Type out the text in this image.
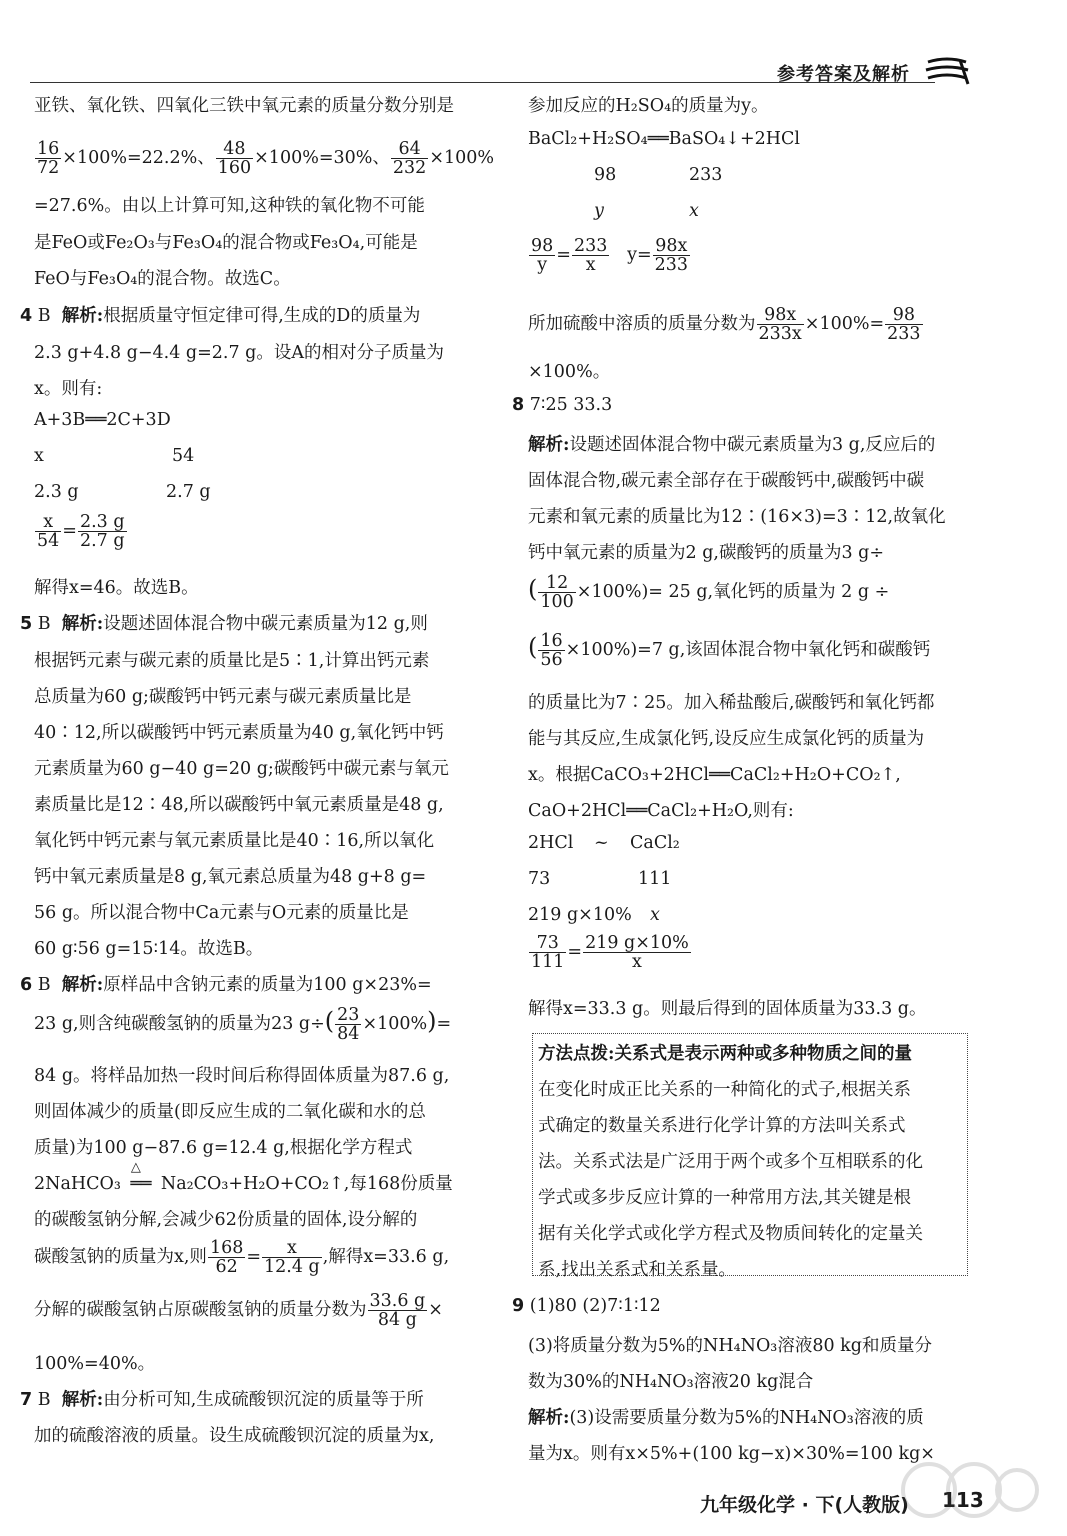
参考答案及解析
亚铁、氧化铁、四氧化三铁中氧元素的质量分数分别是
$\frac{16}{72} \times 100\%=22.2\%$、 $\frac{48}{160} \times 100\%=30\%$、 $\frac{64}{232} \times 100\%$
=27.6%。由以上计算可知,这种铁的氧化物不可能
是FeO或Fe₂O₃与Fe₃O₄的混合物或Fe₃O₄,可能是
FeO与Fe₃O₄的混合物。故选C。
4 B 解析:根据质量守恒定律可得,生成的D的质量为
2.3 g+4.8 g−4.4 g=2.7 g。设A的相对分子质量为
x。则有:
A+3B══2C+3D
x	54
2.3 g	2.7 g
$\frac{x}{54} = \frac{2.3 g}{2.7 g}$
解得x=46。故选B。
5 B 解析:设题述固体混合物中碳元素质量为12 g,则
根据钙元素与碳元素的质量比是5∶1,计算出钙元素
总质量为60 g;碳酸钙中钙元素与碳元素质量比是
40∶12,所以碳酸钙中钙元素质量为40 g,氧化钙中钙
元素质量为60 g−40 g=20 g;碳酸钙中碳元素与氧元
素质量比是12∶48,所以碳酸钙中氧元素质量是48 g,
氧化钙中钙元素与氧元素质量比是40∶16,所以氧化
钙中氧元素质量是8 g,氧元素总质量为48 g+8 g=
56 g。所以混合物中Ca元素与O元素的质量比是
60 g∶56 g=15∶14。故选B。
6 B 解析:原样品中含钠元素的质量为100 g×23%=
23 g,则含纯碳酸氢钠的质量为23 $g\div( \frac{23}{84} \times 100\%)=$
84 g。将样品加热一段时间后称得固体质量为87.6 g,
则固体减少的质量(即反应生成的二氧化碳和水的总
质量)为100 g−87.6 g=12.4 g,根据化学方程式
2NaHCO₃
△
══ Na₂CO₃+H₂O+CO₂↑,每168份质量
的碳酸氢钠分解,会减少62份质量的固体,设分解的
碳酸氢钠的质量为x,则 $\frac{168}{62} = \frac{x}{12.4 g}$ ,解得x=33.6 g,
分解的碳酸氢钠占原碳酸氢钠的质量分数为 $\frac{33.6 g}{84 g}$ ×
100%=40%。
7 B 解析:由分析可知,生成硫酸钡沉淀的质量等于所
加的硫酸溶液的质量。设生成硫酸钡沉淀的质量为x,
参加反应的H₂SO₄的质量为y。
BaCl₂+H₂SO₄══BaSO₄↓+2HCl
98	233
y	x
$\frac{98}{y} = \frac{233}{x} y= \frac{98x}{233}$
所加硫酸中溶质的质量分数为 $\frac{98x}{233x} \times 100\%= \frac{98}{233}$
×100%。
8 7∶25 33.3
解析:设题述固体混合物中碳元素质量为3 g,反应后的
固体混合物,碳元素全部存在于碳酸钙中,碳酸钙中碳
元素和氧元素的质量比为12∶(16×3)=3∶12,故氧化
钙中氧元素的质量为2 g,碳酸钙的质量为3 g÷
( $\frac{12}{100} \times 100\%)= 25$ g,氧化钙的质量为 2 g ÷
( $\frac{16}{56} \times 100\%)=7$ g,该固体混合物中氧化钙和碳酸钙
的质量比为7∶25。加入稀盐酸后,碳酸钙和氧化钙都
能与其反应,生成氯化钙,设反应生成氯化钙的质量为
x。根据CaCO₃+2HCl══CaCl₂+H₂O+CO₂↑,
CaO+2HCl══CaCl₂+H₂O,则有:
2HCl ~ CaCl₂
73	111
219 g×10% x
$\frac{73}{111} = \frac{219 g\times 10\%}{x}$
解得x=33.3 g。则最后得到的固体质量为33.3 g。
方法点拨:关系式是表示两种或多种物质之间的量
在变化时成正比关系的一种简化的式子,根据关系
式确定的数量关系进行化学计算的方法叫关系式
法。关系式法是广泛用于两个或多个互相联系的化
学式或多步反应计算的一种常用方法,其关键是根
据有关化学式或化学方程式及物质间转化的定量关
系,找出关系式和关系量。
9 (1)80 (2)7∶1∶12
(3)将质量分数为5%的NH₄NO₃溶液80 kg和质量分
数为30%的NH₄NO₃溶液20 kg混合
解析:(3)设需要质量分数为5%的NH₄NO₃溶液的质
量为x。则有x×5%+(100 kg−x)×30%=100 kg×
九年级化学 · 下(人教版) 113
